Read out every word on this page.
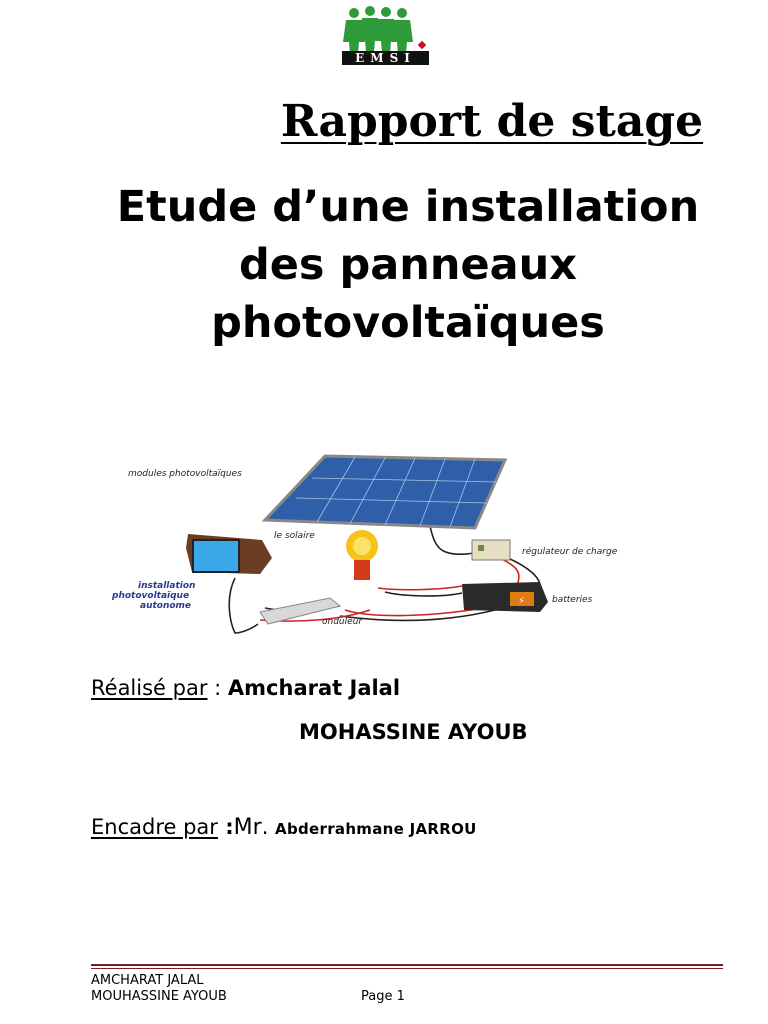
EMSI
Rapport de stage
Etude d’une installation
des panneaux
photovoltaïques
⚡
modules photovoltaïques
le solaire
régulateur de charge
installation
photovoltaïque
autonome
batteries
onduleur
Réalisé par : Amcharat Jalal
MOHASSINE AYOUB
Encadre par :Mr. Abderrahmane JARROU
AMCHARAT JALAL
MOUHASSINE AYOUB	Page 1
